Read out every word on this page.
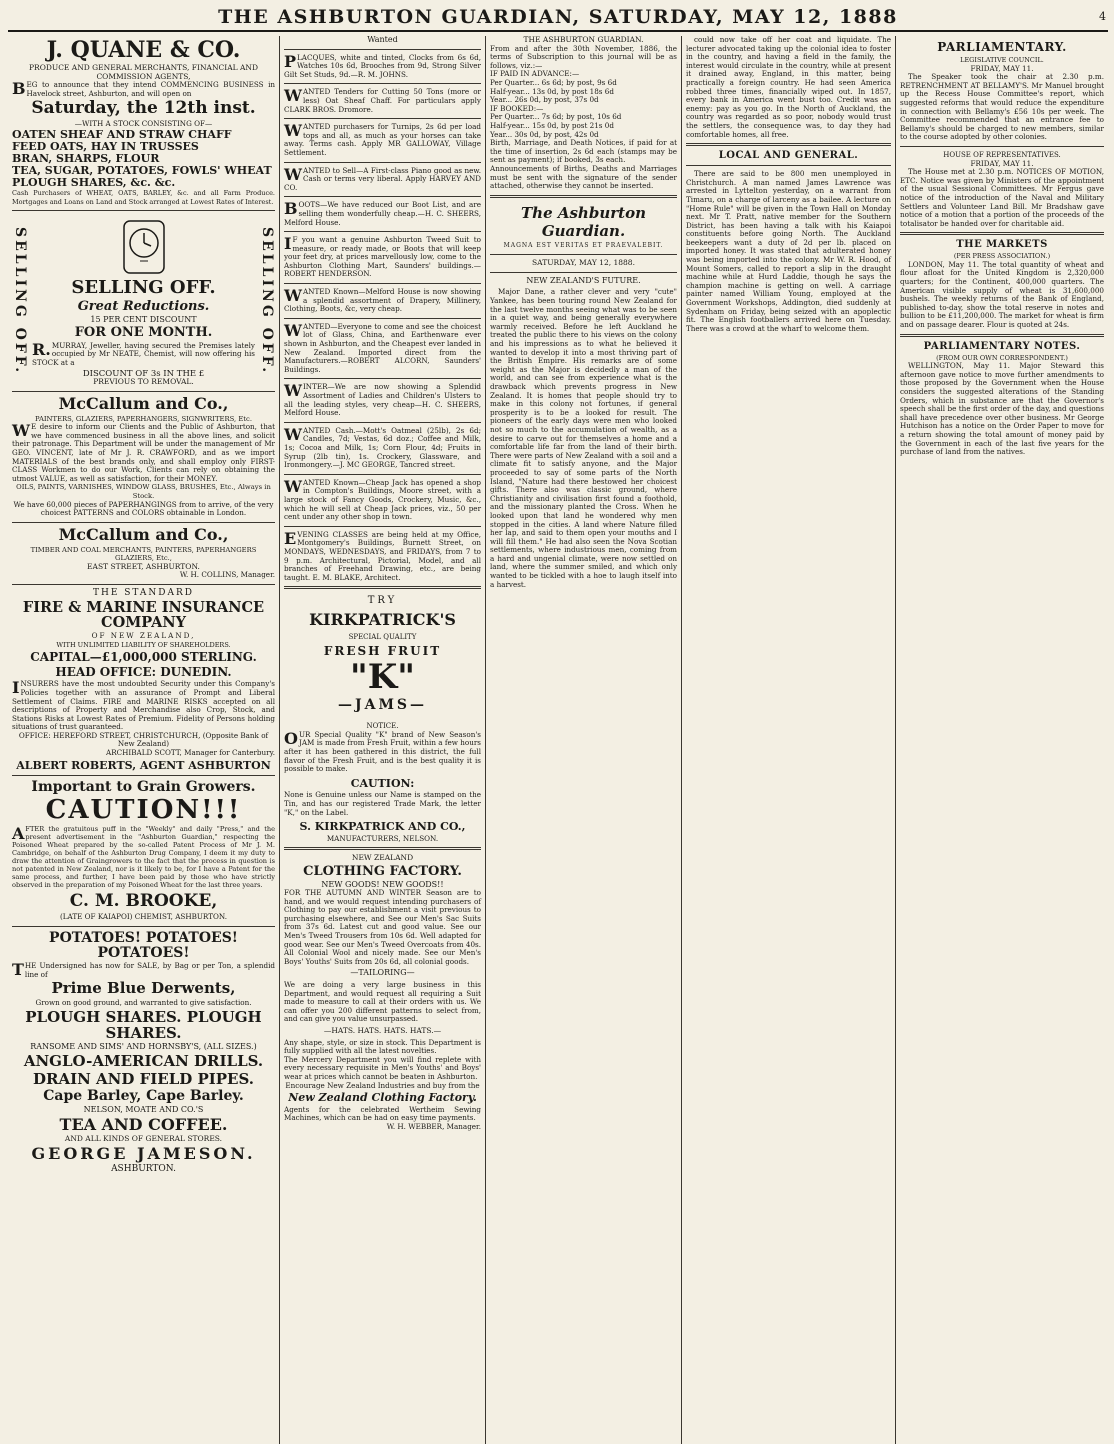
THE ASHBURTON GUARDIAN, SATURDAY, MAY 12, 1888	4
J. QUANE & CO.

PRODUCE AND GENERAL MERCHANTS, FINANCIAL AND COMMISSION AGENTS,

BEG to announce that they intend COMMENCING BUSINESS in Havelock street, Ashburton, and will open on

Saturday, the 12th inst.

—WITH A STOCK CONSISTING OF—

OATEN SHEAF AND STRAW CHAFF

FEED OATS, HAY IN TRUSSES

BRAN, SHARPS, FLOUR

TEA, SUGAR, POTATOES, FOWLS' WHEAT

PLOUGH SHARES, &c. &c.

Cash Purchasers of WHEAT, OATS, BARLEY, &c. and all Farm Produce. Mortgages and Loans on Land and Stock arranged at Lowest Rates of Interest.

SELLING OFF.	SELLING OFF.
Great Reductions.

15 PER CENT DISCOUNT

FOR ONE MONTH.

R.MURRAY, Jeweller, having secured the Premises lately occupied by Mr NEATE, Chemist, will now offering his STOCK at a

DISCOUNT OF 3s IN THE £

PREVIOUS TO REMOVAL.

SELLING OFF.
McCallum and Co.,

PAINTERS, GLAZIERS, PAPERHANGERS, SIGNWRITERS, Etc.

WE desire to inform our Clients and the Public of Ashburton, that we have commenced business in all the above lines, and solicit their patronage. This Department will be under the management of Mr GEO. VINCENT, late of Mr J. R. CRAWFORD, and as we import MATERIALS of the best brands only, and shall employ only FIRST-CLASS Workmen to do our Work, Clients can rely on obtaining the utmost VALUE, as well as satisfaction, for their MONEY.

OILS, PAINTS, VARNISHES, WINDOW GLASS, BRUSHES, Etc., Always in Stock.

We have 60,000 pieces of PAPERHANGINGS from to arrive, of the very choicest PATTERNS and COLORS obtainable in London.

McCallum and Co.,

TIMBER AND COAL MERCHANTS, PAINTERS, PAPERHANGERS GLAZIERS, Etc.,

EAST STREET, ASHBURTON.

W. H. COLLINS, Manager.

THE STANDARD

FIRE & MARINE INSURANCE COMPANY

OF NEW ZEALAND,

WITH UNLIMITED LIABILITY OF SHAREHOLDERS.

CAPITAL—£1,000,000 STERLING.
HEAD OFFICE: DUNEDIN.

INSURERS have the most undoubted Security under this Company's Policies together with an assurance of Prompt and Liberal Settlement of Claims. FIRE and MARINE RISKS accepted on all descriptions of Property and Merchandise also Crop, Stock, and Stations Risks at Lowest Rates of Premium. Fidelity of Persons holding situations of trust guaranteed.

OFFICE: HEREFORD STREET, CHRISTCHURCH, (Opposite Bank of New Zealand)

ARCHIBALD SCOTT, Manager for Canterbury.

ALBERT ROBERTS, AGENT ASHBURTON
Important to Grain Growers.
CAUTION!!!

AFTER the gratuitous puff in the "Weekly" and daily "Press," and the present advertisement in the "Ashburton Guardian," respecting the Poisoned Wheat prepared by the so-called Patent Process of Mr J. M. Cambridge, on behalf of the Ashburton Drug Company, I deem it my duty to draw the attention of Graingrowers to the fact that the process in question is not patented in New Zealand, nor is it likely to be, for I have a Patent for the same process, and further, I have been paid by those who have strictly observed in the preparation of my Poisoned Wheat for the last three years.

C. M. BROOKE,

(LATE OF KAIAPOI) CHEMIST, ASHBURTON.

POTATOES! POTATOES! POTATOES!

THE Undersigned has now for SALE, by Bag or per Ton, a splendid line of

Prime Blue Derwents,

Grown on good ground, and warranted to give satisfaction.

PLOUGH SHARES. PLOUGH SHARES.

RANSOME AND SIMS' AND HORNSBY'S, (ALL SIZES.)

ANGLO-AMERICAN DRILLS.
DRAIN AND FIELD PIPES.
Cape Barley, Cape Barley.

NELSON, MOATE AND CO.'S

TEA AND COFFEE.

AND ALL KINDS OF GENERAL STORES.

GEORGE JAMESON.

ASHBURTON.

Wanted

PLACQUES, white and tinted, Clocks from 6s 6d, Watches 10s 6d, Brooches from 9d, Strong Silver Gilt Set Studs, 9d.—R. M. JOHNS.

WANTED Tenders for Cutting 50 Tons (more or less) Oat Sheaf Chaff. For particulars apply CLARK BROS. Dromore.

WANTED purchasers for Turnips, 2s 6d per load tops and all, as much as your horses can take away. Terms cash. Apply MR GALLOWAY, Village Settlement.

WANTED to Sell—A First-class Piano good as new. Cash or terms very liberal. Apply HARVEY AND CO.

BOOTS—We have reduced our Boot List, and are selling them wonderfully cheap.—H. C. SHEERS, Melford House.

IF you want a genuine Ashburton Tweed Suit to measure, or ready made, or Boots that will keep your feet dry, at prices marvellously low, come to the Ashburton Clothing Mart, Saunders' buildings.—ROBERT HENDERSON.

WANTED Known—Melford House is now showing a splendid assortment of Drapery, Millinery, Clothing, Boots, &c, very cheap.

WANTED—Everyone to come and see the choicest lot of Glass, China, and Earthenware ever shown in Ashburton, and the Cheapest ever landed in New Zealand. Imported direct from the Manufacturers.—ROBERT ALCORN, Saunders' Buildings.

WINTER—We are now showing a Splendid Assortment of Ladies and Children's Ulsters to all the leading styles, very cheap—H. C. SHEERS, Melford House.

WANTED Cash.—Mott's Oatmeal (25lb), 2s 6d; Candles, 7d; Vestas, 6d doz.; Coffee and Milk, 1s; Cocoa and Milk, 1s; Corn Flour, 4d; Fruits in Syrup (2lb tin), 1s. Crockery, Glassware, and Ironmongery.—J. MC GEORGE, Tancred street.

WANTED Known—Cheap Jack has opened a shop in Compton's Buildings, Moore street, with a large stock of Fancy Goods, Crockery, Music, &c., which he will sell at Cheap Jack prices, viz., 50 per cent under any other shop in town.

EVENING CLASSES are being held at my Office, Montgomery's Buildings, Burnett Street, on MONDAYS, WEDNESDAYS, and FRIDAYS, from 7 to 9 p.m. Architectural, Pictorial, Model, and all branches of Freehand Drawing, etc., are being taught. E. M. BLAKE, Architect.

TRY

KIRKPATRICK'S

SPECIAL QUALITY

FRESH FRUIT
"K"
—JAMS—

NOTICE.

OUR Special Quality "K" brand of New Season's JAM is made from Fresh Fruit, within a few hours after it has been gathered in this district, the full flavor of the Fresh Fruit, and is the best quality it is possible to make.

CAUTION:

None is Genuine unless our Name is stamped on the Tin, and has our registered Trade Mark, the letter "K," on the Label.

S. KIRKPATRICK AND CO.,

MANUFACTURERS, NELSON.

NEW ZEALAND

CLOTHING FACTORY.

NEW GOODS! NEW GOODS!!

FOR THE AUTUMN AND WINTER Season are to hand, and we would request intending purchasers of Clothing to pay our establishment a visit previous to purchasing elsewhere, and See our Men's Sac Suits from 37s 6d. Latest cut and good value. See our Men's Tweed Trousers from 10s 6d. Well adapted for good wear. See our Men's Tweed Overcoats from 40s. All Colonial Wool and nicely made. See our Men's Boys' Youths' Suits from 20s 6d, all colonial goods.

—TAILORING—

We are doing a very large business in this Department, and would request all requiring a Suit made to measure to call at their orders with us. We can offer you 200 different patterns to select from, and can give you value unsurpassed.

—HATS. HATS. HATS. HATS.—

Any shape, style, or size in stock. This Department is fully supplied with all the latest novelties.

The Mercery Department you will find replete with every necessary requisite in Men's Youths' and Boys' wear at prices which cannot be beaten in Ashburton.

Encourage New Zealand Industries and buy from the

New Zealand Clothing Factory.

Agents for the celebrated Wertheim Sewing Machines, which can be had on easy time payments.

W. H. WEBBER, Manager.

THE ASHBURTON GUARDIAN.

From and after the 30th November, 1886, the terms of Subscription to this journal will be as follows, viz.:—

IF PAID IN ADVANCE:—

Per Quarter... 6s 6d; by post, 9s 6d

Half-year... 13s 0d, by post 18s 6d

Year... 26s 0d, by post, 37s 0d

IF BOOKED:—

Per Quarter... 7s 6d; by post, 10s 6d

Half-year... 15s 0d, by post 21s 0d

Year... 30s 0d, by post, 42s 0d

Birth, Marriage, and Death Notices, if paid for at the time of insertion, 2s 6d each (stamps may be sent as payment); if booked, 3s each.

Announcements of Births, Deaths and Marriages must be sent with the signature of the sender attached, otherwise they cannot be inserted.

The Ashburton Guardian.

MAGNA EST VERITAS ET PRAEVALEBIT.

SATURDAY, MAY 12, 1888.

NEW ZEALAND'S FUTURE.

Major Dane, a rather clever and very "cute" Yankee, has been touring round New Zealand for the last twelve months seeing what was to be seen in a quiet way, and being generally everywhere warmly received. Before he left Auckland he treated the public there to his views on the colony and his impressions as to what he believed it wanted to develop it into a most thriving part of the British Empire. His remarks are of some weight as the Major is decidedly a man of the world, and can see from experience what is the drawback which prevents progress in New Zealand. It is homes that people should try to make in this colony not fortunes, if general prosperity is to be a looked for result. The pioneers of the early days were men who looked not so much to the accumulation of wealth, as a desire to carve out for themselves a home and a comfortable life far from the land of their birth. There were parts of New Zealand with a soil and a climate fit to satisfy anyone, and the Major proceeded to say of some parts of the North Island, "Nature had there bestowed her choicest gifts. There also was classic ground, where Christianity and civilisation first found a foothold, and the missionary planted the Cross. When he looked upon that land he wondered why men stopped in the cities. A land where Nature filled her lap, and said to them open your mouths and I will fill them." He had also seen the Nova Scotian settlements, where industrious men, coming from a hard and ungenial climate, were now settled on land, where the summer smiled, and which only wanted to be tickled with a hoe to laugh itself into a harvest.

could now take off her coat and liquidate. The lecturer advocated taking up the colonial idea to foster in the country, and having a field in the family, the interest would circulate in the country, while at present it drained away, England, in this matter, being practically a foreign country. He had seen America robbed three times, financially wiped out. In 1857, every bank in America went bust too. Credit was an enemy: pay as you go. In the North of Auckland, the country was regarded as so poor, nobody would trust the settlers, the consequence was, to day they had comfortable homes, all free.

LOCAL AND GENERAL.

There are said to be 800 men unemployed in Christchurch. A man named James Lawrence was arrested in Lyttelton yesterday, on a warrant from Timaru, on a charge of larceny as a bailee. A lecture on "Home Rule" will be given in the Town Hall on Monday next. Mr T. Pratt, native member for the Southern District, has been having a talk with his Kaiapoi constituents before going North. The Auckland beekeepers want a duty of 2d per lb. placed on imported honey. It was stated that adulterated honey was being imported into the colony. Mr W. R. Hood, of Mount Somers, called to report a slip in the draught machine while at Hurd Laddie, though he says the champion machine is getting on well. A carriage painter named William Young, employed at the Government Workshops, Addington, died suddenly at Sydenham on Friday, being seized with an apoplectic fit. The English footballers arrived here on Tuesday. There was a crowd at the wharf to welcome them.

PARLIAMENTARY.

LEGISLATIVE COUNCIL.

FRIDAY, MAY 11.

The Speaker took the chair at 2.30 p.m. RETRENCHMENT AT BELLAMY'S. Mr Manuel brought up the Recess House Committee's report, which suggested reforms that would reduce the expenditure in connection with Bellamy's £56 10s per week. The Committee recommended that an entrance fee to Bellamy's should be charged to new members, similar to the course adopted by other colonies.

HOUSE OF REPRESENTATIVES.

FRIDAY, MAY 11.

The House met at 2.30 p.m. NOTICES OF MOTION, ETC. Notice was given by Ministers of the appointment of the usual Sessional Committees. Mr Fergus gave notice of the introduction of the Naval and Military Settlers and Volunteer Land Bill. Mr Bradshaw gave notice of a motion that a portion of the proceeds of the totalisator be handed over for charitable aid.

THE MARKETS

(PER PRESS ASSOCIATION.)

LONDON, May 11. The total quantity of wheat and flour afloat for the United Kingdom is 2,320,000 quarters; for the Continent, 400,000 quarters. The American visible supply of wheat is 31,600,000 bushels. The weekly returns of the Bank of England, published to-day, show the total reserve in notes and bullion to be £11,200,000. The market for wheat is firm and on passage dearer. Flour is quoted at 24s.

PARLIAMENTARY NOTES.

(FROM OUR OWN CORRESPONDENT.)

WELLINGTON, May 11. Major Steward this afternoon gave notice to move further amendments to those proposed by the Government when the House considers the suggested alterations of the Standing Orders, which in substance are that the Governor's speech shall be the first order of the day, and questions shall have precedence over other business. Mr George Hutchison has a notice on the Order Paper to move for a return showing the total amount of money paid by the Government in each of the last five years for the purchase of land from the natives.
